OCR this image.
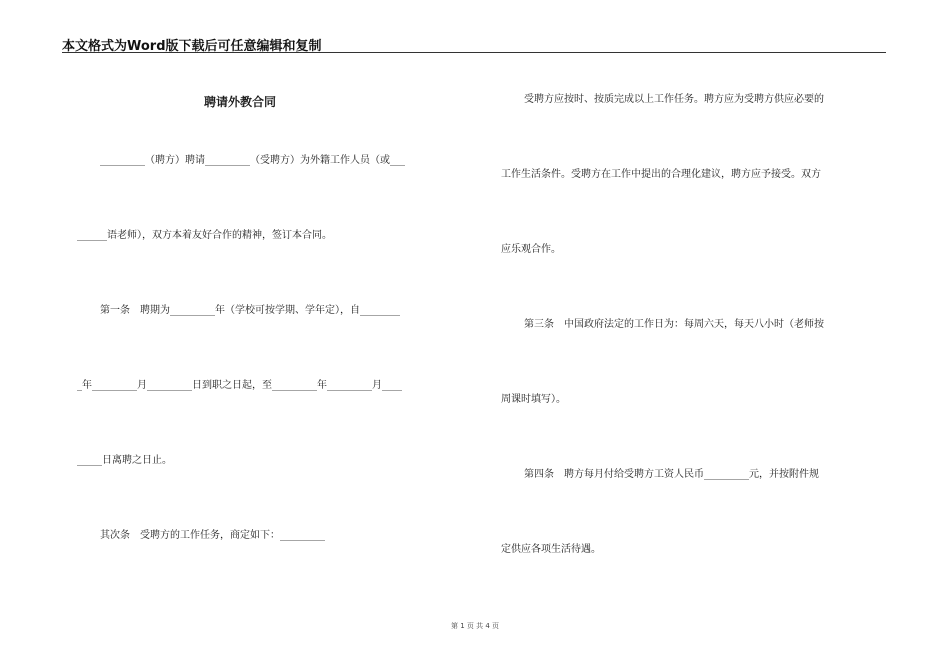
本文格式为Word版下载后可任意编辑和复制
聘请外教合同
_________（聘方）聘请_________（受聘方）为外籍工作人员（或___
______语老师），双方本着友好合作的精神，签订本合同。
第一条　聘期为_________年（学校可按学期、学年定），自________
_年_________月_________日到职之日起，至_________年_________月____
_____日离聘之日止。
其次条　受聘方的工作任务，商定如下：_________
受聘方应按时、按质完成以上工作任务。聘方应为受聘方供应必要的
工作生活条件。受聘方在工作中提出的合理化建议，聘方应予接受。双方
应乐观合作。
第三条　中国政府法定的工作日为：每周六天，每天八小时（老师按
周课时填写）。
第四条　聘方每月付给受聘方工资人民币_________元，并按附件规
定供应各项生活待遇。
第 1 页 共 4 页
